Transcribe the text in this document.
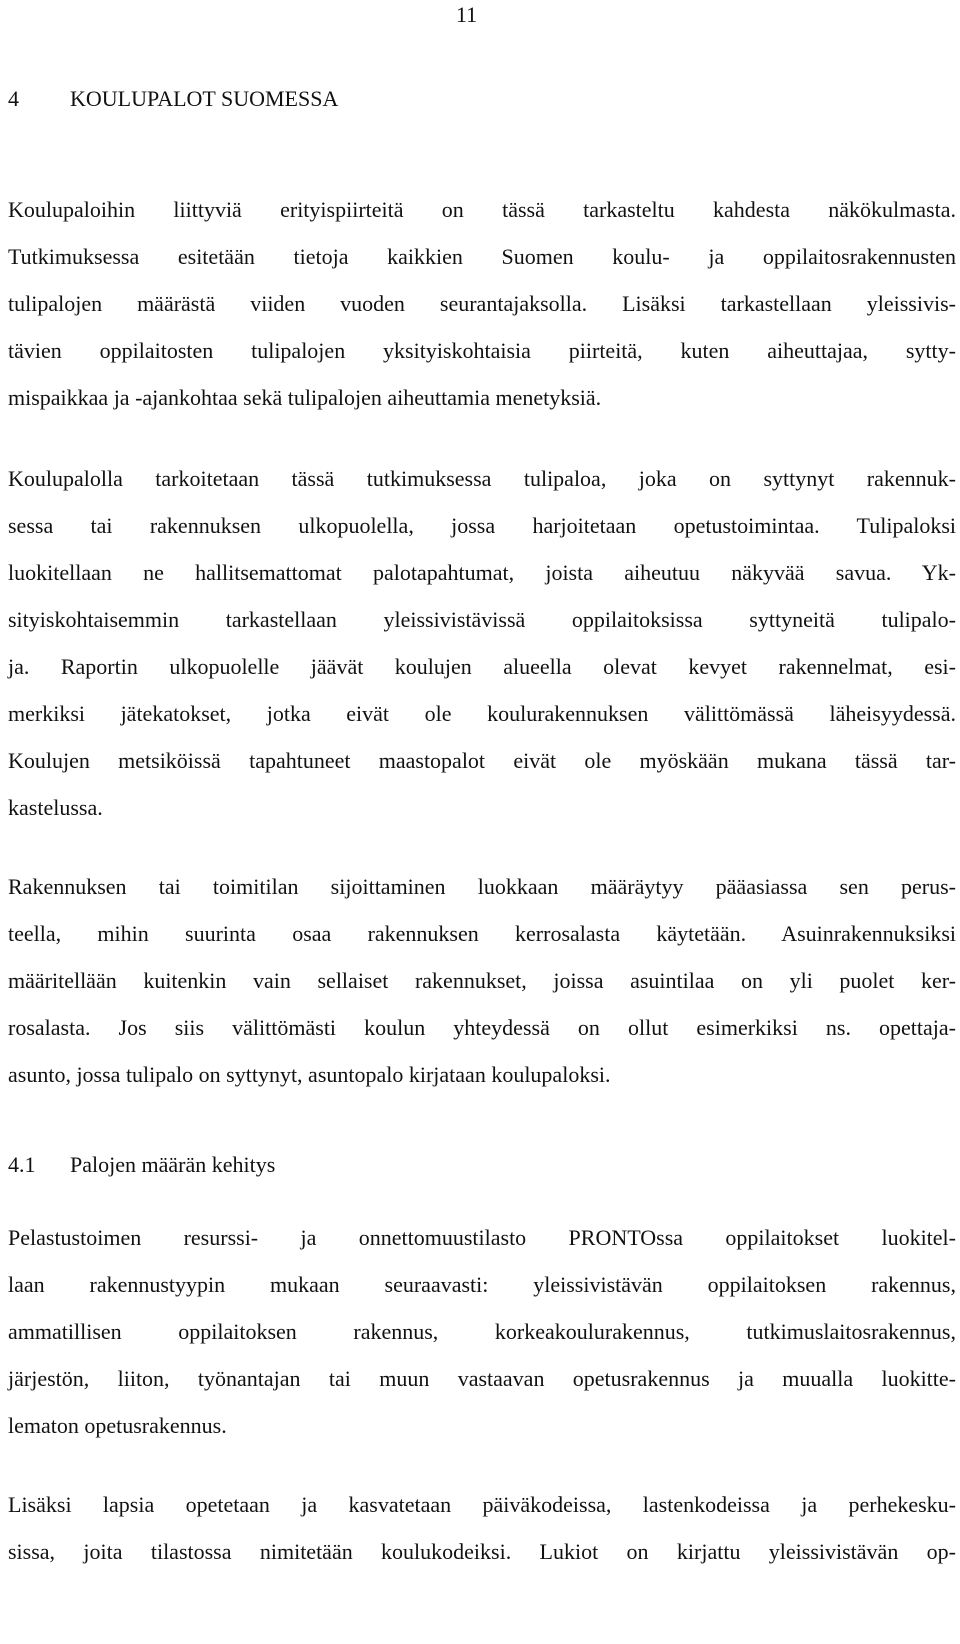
11
4 KOULUPALOT SUOMESSA
Koulupaloihin liittyviä erityispiirteitä on tässä tarkasteltu kahdesta näkökulmasta.
Tutkimuksessa esitetään tietoja kaikkien Suomen koulu- ja oppilaitosrakennusten
tulipalojen määrästä viiden vuoden seurantajaksolla. Lisäksi tarkastellaan yleissivis-
tävien oppilaitosten tulipalojen yksityiskohtaisia piirteitä, kuten aiheuttajaa, sytty-
mispaikkaa ja -ajankohtaa sekä tulipalojen aiheuttamia menetyksiä.
Koulupalolla tarkoitetaan tässä tutkimuksessa tulipaloa, joka on syttynyt rakennuk-
sessa tai rakennuksen ulkopuolella, jossa harjoitetaan opetustoimintaa. Tulipaloksi
luokitellaan ne hallitsemattomat palotapahtumat, joista aiheutuu näkyvää savua. Yk-
sityiskohtaisemmin tarkastellaan yleissivistävissä oppilaitoksissa syttyneitä tulipalo-
ja. Raportin ulkopuolelle jäävät koulujen alueella olevat kevyet rakennelmat, esi-
merkiksi jätekatokset, jotka eivät ole koulurakennuksen välittömässä läheisyydessä.
Koulujen metsiköissä tapahtuneet maastopalot eivät ole myöskään mukana tässä tar-
kastelussa.
Rakennuksen tai toimitilan sijoittaminen luokkaan määräytyy pääasiassa sen perus-
teella, mihin suurinta osaa rakennuksen kerrosalasta käytetään. Asuinrakennuksiksi
määritellään kuitenkin vain sellaiset rakennukset, joissa asuintilaa on yli puolet ker-
rosalasta. Jos siis välittömästi koulun yhteydessä on ollut esimerkiksi ns. opettaja-
asunto, jossa tulipalo on syttynyt, asuntopalo kirjataan koulupaloksi.
4.1 Palojen määrän kehitys
Pelastustoimen resurssi- ja onnettomuustilasto PRONTOssa oppilaitokset luokitel-
laan rakennustyypin mukaan seuraavasti: yleissivistävän oppilaitoksen rakennus,
ammatillisen oppilaitoksen rakennus, korkeakoulurakennus, tutkimuslaitosrakennus,
järjestön, liiton, työnantajan tai muun vastaavan opetusrakennus ja muualla luokitte-
lematon opetusrakennus.
Lisäksi lapsia opetetaan ja kasvatetaan päiväkodeissa, lastenkodeissa ja perhekesku-
sissa, joita tilastossa nimitetään koulukodeiksi. Lukiot on kirjattu yleissivistävän op-
